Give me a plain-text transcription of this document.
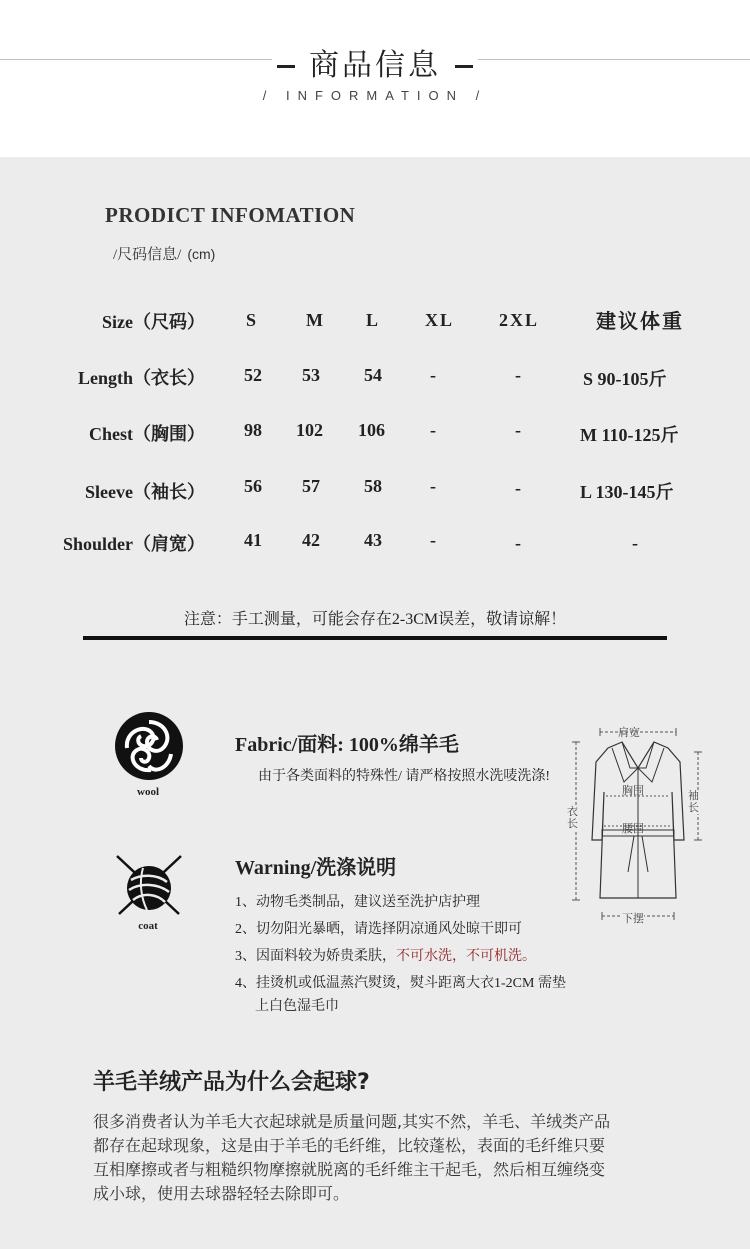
商品信息
/ INFORMATION /
PRODICT INFOMATION
/尺码信息/ (cm)
Size（尺码） S	M L	XL 2XL	建议体重
Length（衣长） 52 53 54	-	-	S 90-105斤
Chest（胸围） 98 102 106	-	-	M 110-125斤
Sleeve（袖长） 56 57 58	-	-	L 130-145斤
Shoulder（肩宽） 41 42 43	-	-	-
注意：手工测量，可能会存在2-3CM误差，敬请谅解！
wool
Fabric/面料: 100%绵羊毛
由于各类面料的特殊性/ 请严格按照水洗唛洗涤!
coat
Warning/洗涤说明
1、动物毛类制品，建议送至洗护店护理
2、切勿阳光暴晒，请选择阴凉通风处晾干即可
3、因面料较为娇贵柔肤，不可水洗，不可机洗。
4、挂烫机或低温蒸汽熨烫，熨斗距离大衣1-2CM 需垫
上白色湿毛巾
肩宽
胸围
腰围
衣长
袖长
下摆
羊毛羊绒产品为什么会起球?
很多消费者认为羊毛大衣起球就是质量问题,其实不然，羊毛、羊绒类产品
都存在起球现象，这是由于羊毛的毛纤维，比较蓬松，表面的毛纤维只要
互相摩擦或者与粗糙织物摩擦就脱离的毛纤维主干起毛，然后相互缠绕变
成小球，使用去球器轻轻去除即可。
